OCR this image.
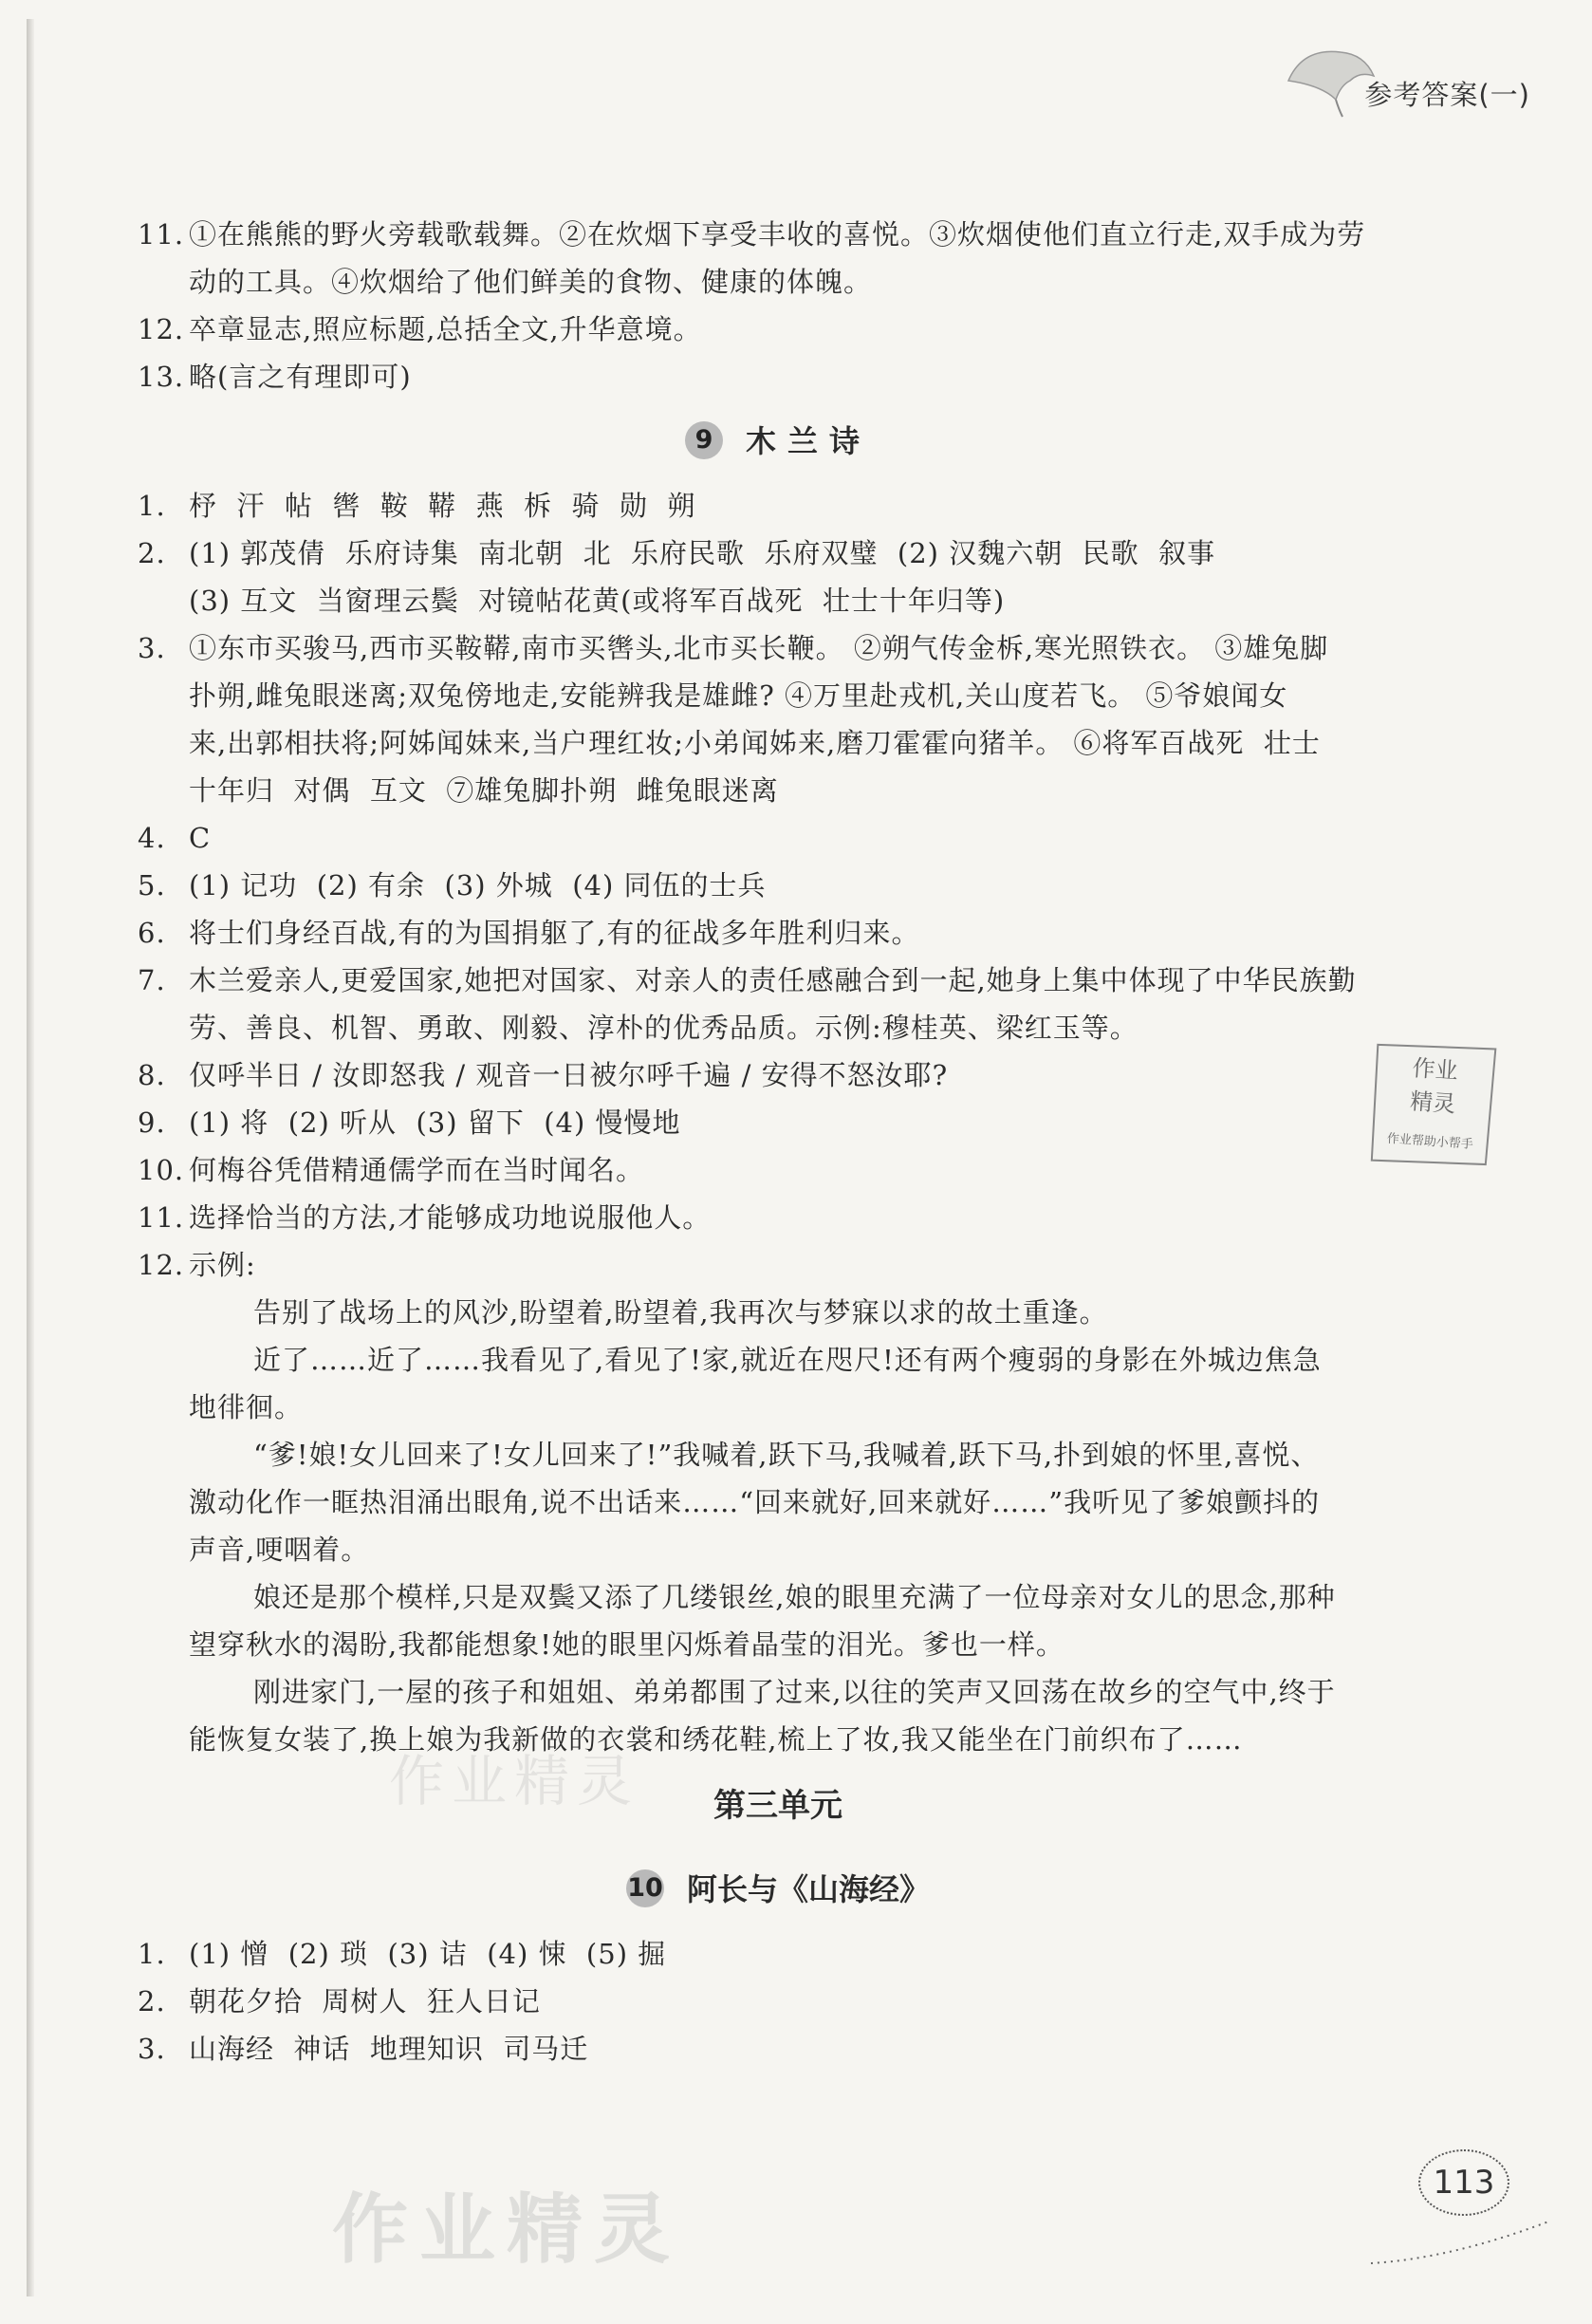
参考答案(一)
11. ①在熊熊的野火旁载歌载舞。②在炊烟下享受丰收的喜悦。③炊烟使他们直立行走,双手成为劳
动的工具。④炊烟给了他们鲜美的食物、健康的体魄。
12. 卒章显志,照应标题,总括全文,升华意境。
13. 略(言之有理即可)
9 木兰诗
1. 杼  汗  帖  辔  鞍  鞯  燕  柝  骑  勋  朔
2. (1) 郭茂倩  乐府诗集  南北朝  北  乐府民歌  乐府双璧  (2) 汉魏六朝  民歌  叙事
(3) 互文  当窗理云鬓  对镜帖花黄(或将军百战死  壮士十年归等)
3. ①东市买骏马,西市买鞍鞯,南市买辔头,北市买长鞭。 ②朔气传金柝,寒光照铁衣。 ③雄兔脚
扑朔,雌兔眼迷离;双兔傍地走,安能辨我是雄雌? ④万里赴戎机,关山度若飞。 ⑤爷娘闻女
来,出郭相扶将;阿姊闻妹来,当户理红妆;小弟闻姊来,磨刀霍霍向猪羊。 ⑥将军百战死  壮士
十年归  对偶  互文  ⑦雄兔脚扑朔  雌兔眼迷离
4. C
5. (1) 记功  (2) 有余  (3) 外城  (4) 同伍的士兵
6. 将士们身经百战,有的为国捐躯了,有的征战多年胜利归来。
7. 木兰爱亲人,更爱国家,她把对国家、对亲人的责任感融合到一起,她身上集中体现了中华民族勤
劳、善良、机智、勇敢、刚毅、淳朴的优秀品质。示例:穆桂英、梁红玉等。
8. 仅呼半日 / 汝即怒我 / 观音一日被尔呼千遍 / 安得不怒汝耶?
9. (1) 将  (2) 听从  (3) 留下  (4) 慢慢地
10. 何梅谷凭借精通儒学而在当时闻名。
11. 选择恰当的方法,才能够成功地说服他人。
12. 示例:
告别了战场上的风沙,盼望着,盼望着,我再次与梦寐以求的故土重逢。
近了……近了……我看见了,看见了!家,就近在咫尺!还有两个瘦弱的身影在外城边焦急
地徘徊。
“爹!娘!女儿回来了!女儿回来了!”我喊着,跃下马,我喊着,跃下马,扑到娘的怀里,喜悦、
激动化作一眶热泪涌出眼角,说不出话来……“回来就好,回来就好……”我听见了爹娘颤抖的
声音,哽咽着。
娘还是那个模样,只是双鬓又添了几缕银丝,娘的眼里充满了一位母亲对女儿的思念,那种
望穿秋水的渴盼,我都能想象!她的眼里闪烁着晶莹的泪光。爹也一样。
刚进家门,一屋的孩子和姐姐、弟弟都围了过来,以往的笑声又回荡在故乡的空气中,终于
能恢复女装了,换上娘为我新做的衣裳和绣花鞋,梳上了妆,我又能坐在门前织布了……
第三单元
10 阿长与《山海经》
1. (1) 憎  (2) 琐  (3) 诘  (4) 悚  (5) 掘
2. 朝花夕拾  周树人  狂人日记
3. 山海经  神话  地理知识  司马迁
作业
精灵
作业帮助小帮手
作业精灵
作业精灵
113
